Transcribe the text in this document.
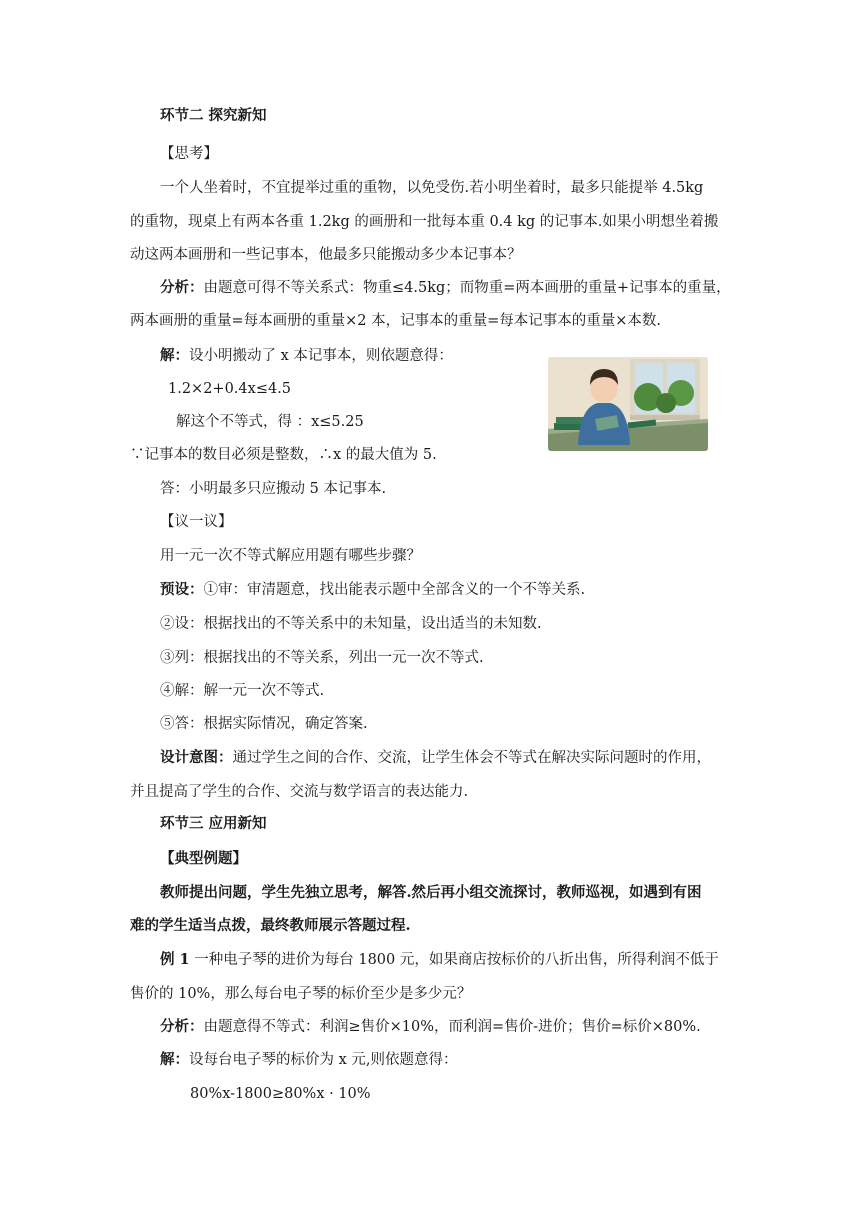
环节二 探究新知
【思考】
一个人坐着时，不宜提举过重的重物，以免受伤.若小明坐着时，最多只能提举 4.5kg
的重物，现桌上有两本各重 1.2kg 的画册和一批每本重 0.4 kg 的记事本.如果小明想坐着搬
动这两本画册和一些记事本，他最多只能搬动多少本记事本？
分析：由题意可得不等关系式：物重≤4.5kg；而物重=两本画册的重量+记事本的重量，
两本画册的重量=每本画册的重量×2 本，记事本的重量=每本记事本的重量×本数.
解：设小明搬动了 x 本记事本，则依题意得：
1.2×2+0.4x≤4.5
解这个不等式，得 ：x≤5.25
∵记事本的数目必须是整数，∴x 的最大值为 5.
答：小明最多只应搬动 5 本记事本.
【议一议】
用一元一次不等式解应用题有哪些步骤？
预设：①审：审清题意，找出能表示题中全部含义的一个不等关系.
②设：根据找出的不等关系中的未知量，设出适当的未知数.
③列：根据找出的不等关系，列出一元一次不等式.
④解：解一元一次不等式.
⑤答：根据实际情况，确定答案.
设计意图：通过学生之间的合作、交流，让学生体会不等式在解决实际问题时的作用，
并且提高了学生的合作、交流与数学语言的表达能力.
环节三 应用新知
【典型例题】
教师提出问题，学生先独立思考，解答.然后再小组交流探讨，教师巡视，如遇到有困
难的学生适当点拨，最终教师展示答题过程.
例 1 一种电子琴的进价为每台 1800 元，如果商店按标价的八折出售，所得利润不低于
售价的 10%，那么每台电子琴的标价至少是多少元？
分析：由题意得不等式：利润≥售价×10%，而利润=售价-进价；售价=标价×80%.
解：设每台电子琴的标价为 x 元,则依题意得：
80%x-1800≥80%x · 10%
